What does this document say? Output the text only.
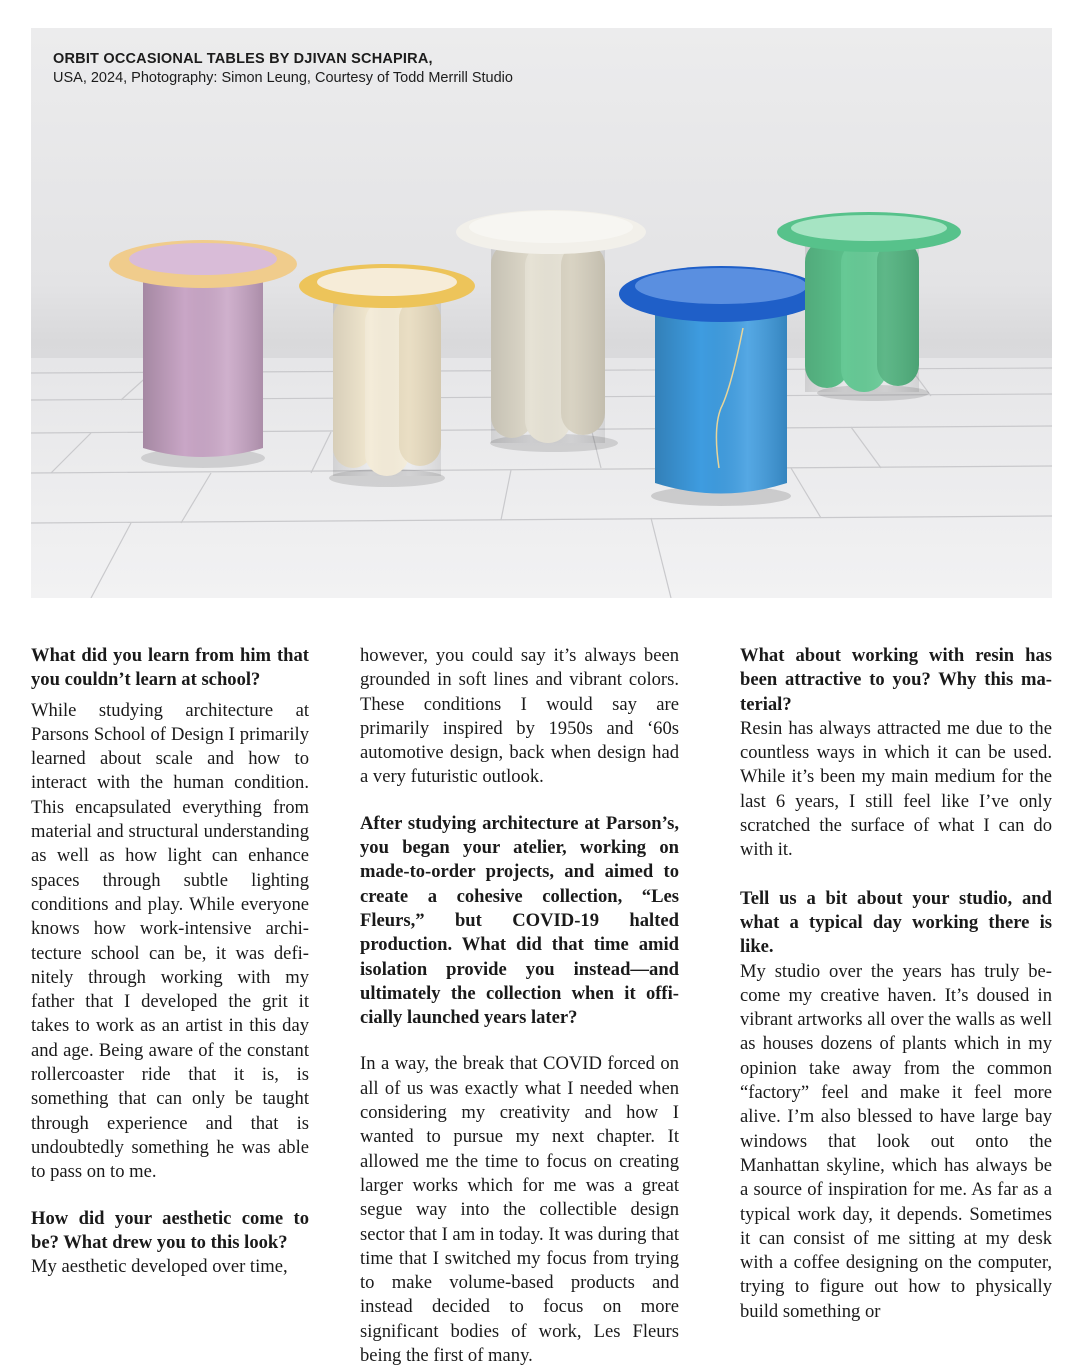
ORBIT OCCASIONAL TABLES BY DJIVAN SCHAPIRA,
USA, 2024, Photography: Simon Leung, Courtesy of Todd Merrill Studio

What did you learn from him that you couldn’t learn at school?

While studying architecture at Parsons School of Design I primarily learned about scale and how to interact with the human condition. This encapsulated everything from material and structural understanding as well as how light can enhance spaces through subtle lighting conditions and play. While everyone knows how work-intensive architecture school can be, it was definitely through working with my father that I developed the grit it takes to work as an artist in this day and age. Being aware of the constant rollercoaster ride that it is, is something that can only be taught through experience and that is undoubtedly something he was able to pass on to me.

How did your aesthetic come to be? What drew you to this look?

My aesthetic developed over time,

however, you could say it’s always been grounded in soft lines and vibrant colors. These conditions I would say are primarily inspired by 1950s and ‘60s automotive design, back when design had a very futuristic outlook.

After studying architecture at Parson’s, you began your atelier, working on made-to-order projects, and aimed to create a cohesive collection, “Les Fleurs,” but COVID-19 halted production. What did that time amid isolation provide you instead—and ultimately the collection when it officially launched years later?

In a way, the break that COVID forced on all of us was exactly what I needed when considering my creativity and how I wanted to pursue my next chapter. It allowed me the time to focus on creating larger works which for me was a great segue way into the collectible design sector that I am in today. It was during that time that I switched my focus from trying to make volume-based products and instead decided to focus on more significant bodies of work, Les Fleurs being the first of many.

What about working with resin has been attractive to you? Why this material?

Resin has always attracted me due to the countless ways in which it can be used. While it’s been my main medium for the last 6 years, I still feel like I’ve only scratched the surface of what I can do with it.

Tell us a bit about your studio, and what a typical day working there is like.

My studio over the years has truly become my creative haven. It’s doused in vibrant artworks all over the walls as well as houses dozens of plants which in my opinion take away from the common “factory” feel and make it feel more alive. I’m also blessed to have large bay windows that look out onto the Manhattan skyline, which has always be a source of inspiration for me. As far as a typical work day, it depends. Sometimes it can consist of me sitting at my desk with a coffee designing on the computer, trying to figure out how to physically build something or
